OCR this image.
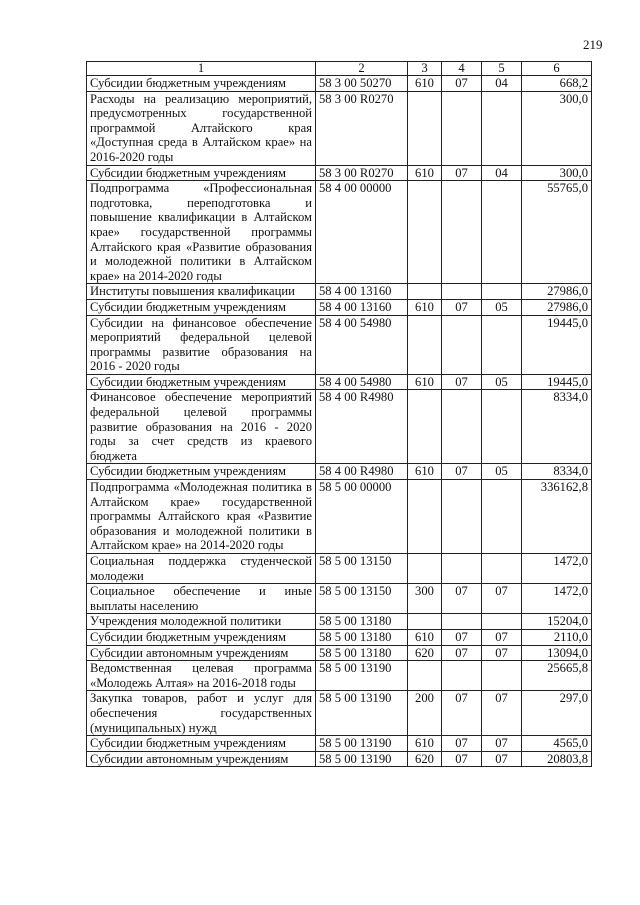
219
1	2	3	4	5	6
Субсидии бюджетным учреждениям	58 3 00 50270	610	07	04	668,2
Расходы на реализацию мероприятий, предусмотренных государственной программой Алтайского края «Доступная среда в Алтайском крае» на 2016-2020 годы	58 3 00 R0270				300,0
Субсидии бюджетным учреждениям	58 3 00 R0270	610	07	04	300,0
Подпрограмма «Профессиональная подготовка, переподготовка и повышение квалификации в Алтайском крае» государственной программы Алтайского края «Развитие образования и молодежной политики в Алтайском крае» на 2014-2020 годы	58 4 00 00000				55765,0
Институты повышения квалификации	58 4 00 13160				27986,0
Субсидии бюджетным учреждениям	58 4 00 13160	610	07	05	27986,0
Субсидии на финансовое обеспечение мероприятий федеральной целевой программы развитие образования на 2016 - 2020 годы	58 4 00 54980				19445,0
Субсидии бюджетным учреждениям	58 4 00 54980	610	07	05	19445,0
Финансовое обеспечение мероприятий федеральной целевой программы развитие образования на 2016 - 2020 годы за счет средств из краевого бюджета	58 4 00 R4980				8334,0
Субсидии бюджетным учреждениям	58 4 00 R4980	610	07	05	8334,0
Подпрограмма «Молодежная политика в Алтайском крае» государственной программы Алтайского края «Развитие образования и молодежной политики в Алтайском крае» на 2014-2020 годы	58 5 00 00000				336162,8
Социальная поддержка студенческой молодежи	58 5 00 13150				1472,0
Социальное обеспечение и иные выплаты населению	58 5 00 13150	300	07	07	1472,0
Учреждения молодежной политики	58 5 00 13180				15204,0
Субсидии бюджетным учреждениям	58 5 00 13180	610	07	07	2110,0
Субсидии автономным учреждениям	58 5 00 13180	620	07	07	13094,0
Ведомственная целевая программа «Молодежь Алтая» на 2016-2018 годы	58 5 00 13190				25665,8
Закупка товаров, работ и услуг для обеспечения государственных (муниципальных) нужд	58 5 00 13190	200	07	07	297,0
Субсидии бюджетным учреждениям	58 5 00 13190	610	07	07	4565,0
Субсидии автономным учреждениям	58 5 00 13190	620	07	07	20803,8
